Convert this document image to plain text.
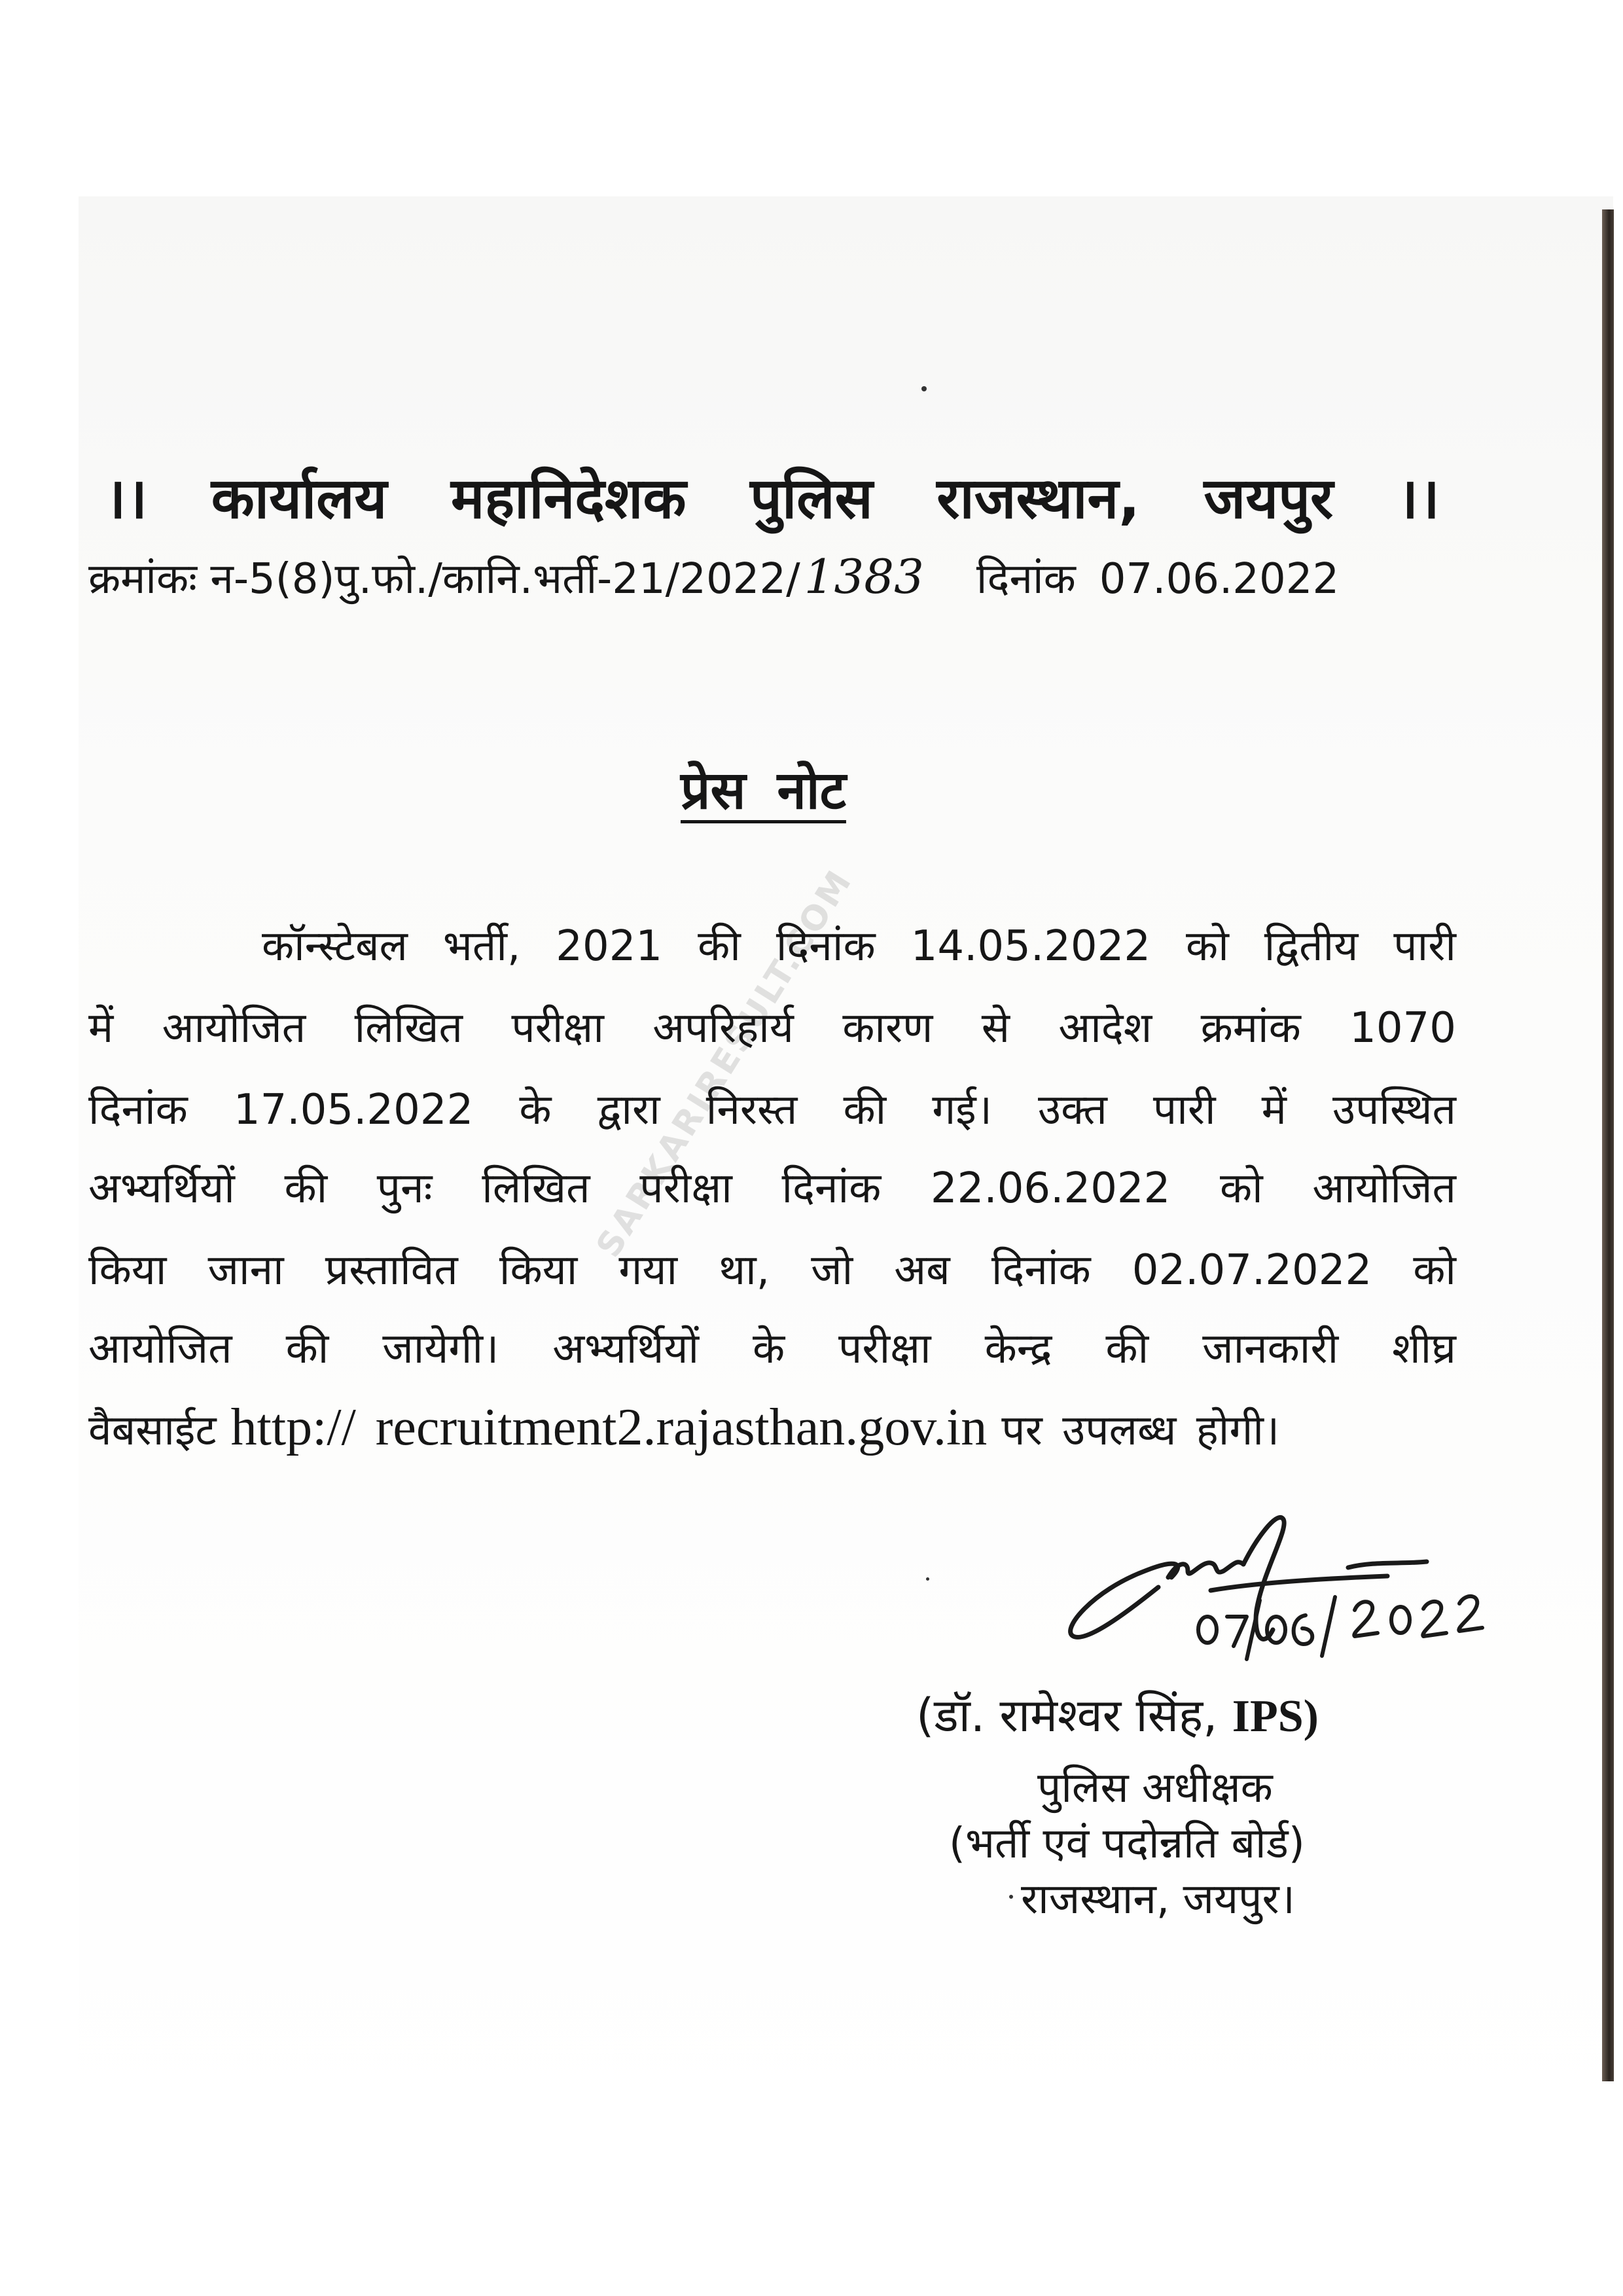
SARKARIRESULT.COM
।। कार्यालय महानिदेशक पुलिस राजस्थान, जयपुर ।।
क्रमांकः न-5(8)पु.फो./कानि.भर्ती-21/2022/1383 दिनांक 07.06.2022
प्रेस नोट
कॉन्स्टेबल भर्ती, 2021 की दिनांक 14.05.2022 को द्वितीय पारी
में आयोजित लिखित परीक्षा अपरिहार्य कारण से आदेश क्रमांक 1070
दिनांक 17.05.2022 के द्वारा निरस्त की गई। उक्त पारी में उपस्थित
अभ्यर्थियों की पुनः लिखित परीक्षा दिनांक 22.06.2022 को आयोजित
किया जाना प्रस्तावित किया गया था, जो अब दिनांक 02.07.2022 को
आयोजित की जायेगी। अभ्यर्थियों के परीक्षा केन्द्र की जानकारी शीघ्र
वैबसाईट http:// recruitment2.rajasthan.gov.in पर उपलब्ध होगी।
(डॉ. रामेश्वर सिंह, IPS)
पुलिस अधीक्षक
(भर्ती एवं पदोन्नति बोर्ड)
राजस्थान, जयपुर।
